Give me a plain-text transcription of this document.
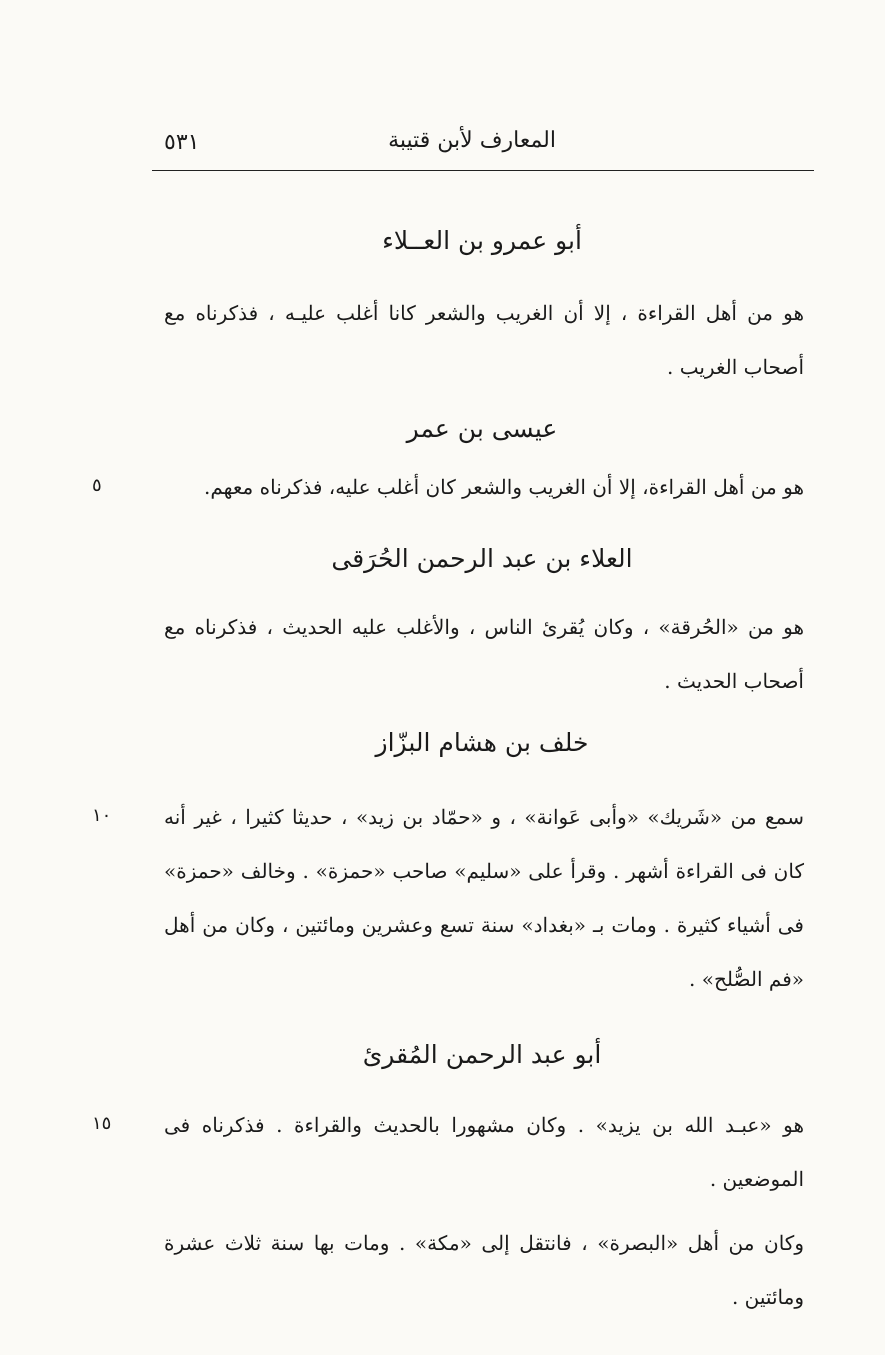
٥٣١	المعارف لأبن قتيبة
أبو عمرو بن العــلاء
هو من أهل القراءة ، إلا أن الغريب والشعر كانا أغلب عليـه ، فذكرناه مع أصحاب الغريب .
عيسى بن عمر
هو من أهل القراءة، إلا أن الغريب والشعر كان أغلب عليه، فذكرناه معهم.
٥
العلاء بن عبد الرحمن الحُرَقى
هو من «الحُرقة» ، وكان يُقرئ الناس ، والأغلب عليه الحديث ، فذكرناه مع أصحاب الحديث .
خلف بن هشام البزّاز
سمع من «شَريك» «وأبى عَوانة» ، و «حمّاد بن زيد» ، حديثا كثيرا ، غير أنه كان فى القراءة أشهر . وقرأ على «سليم» صاحب «حمزة» . وخالف «حمزة» فى أشياء كثيرة . ومات بـ «بغداد» سنة تسع وعشرين ومائتين ، وكان من أهل «فم الصُّلح» .
١٠
أبو عبد الرحمن المُقرئ
هو «عبـد الله بن يزيد» . وكان مشهورا بالحديث والقراءة . فذكرناه فى الموضعين .
١٥
وكان من أهل «البصرة» ، فانتقل إلى «مكة» . ومات بها سنة ثلاث عشرة ومائتين .
